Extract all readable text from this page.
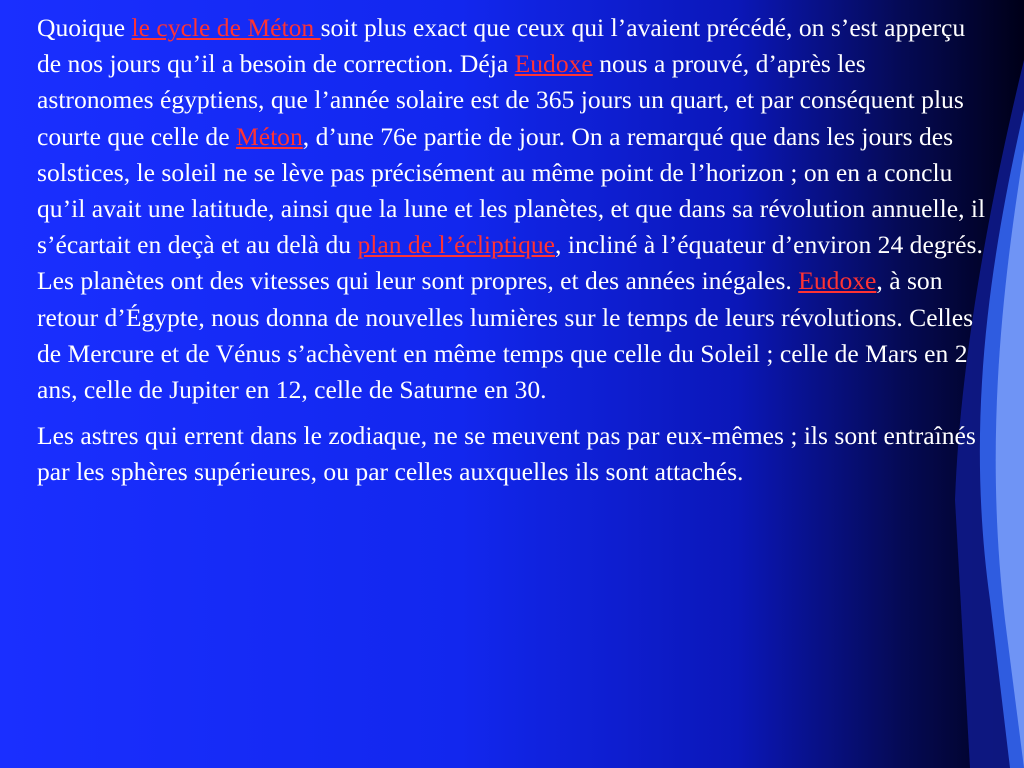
Quoique le cycle de Méton soit plus exact que ceux qui l’avaient précédé, on s’est apperçu de nos jours qu’il a besoin de correction. Déja Eudoxe nous a prouvé, d’après les astronomes égyptiens, que l’année solaire est de 365 jours un quart, et par conséquent plus courte que celle de Méton, d’une 76e partie de jour. On a remarqué que dans les jours des solstices, le soleil ne se lève pas précisément au même point de l’horizon ; on en a conclu qu’il avait une latitude, ainsi que la lune et les planètes, et que dans sa révolution annuelle, il s’écartait en deçà et au delà du plan de l’écliptique, incliné à l’équateur d’environ 24 degrés. Les planètes ont des vitesses qui leur sont propres, et des années inégales. Eudoxe, à son retour d’Égypte, nous donna de nouvelles lumières sur le temps de leurs révolutions. Celles de Mercure et de Vénus s’achèvent en même temps que celle du Soleil ; celle de Mars en 2 ans, celle de Jupiter en 12, celle de Saturne en 30.

Les astres qui errent dans le zodiaque, ne se meuvent pas par eux-mêmes ; ils sont entraînés par les sphères supérieures, ou par celles auxquelles ils sont attachés.
